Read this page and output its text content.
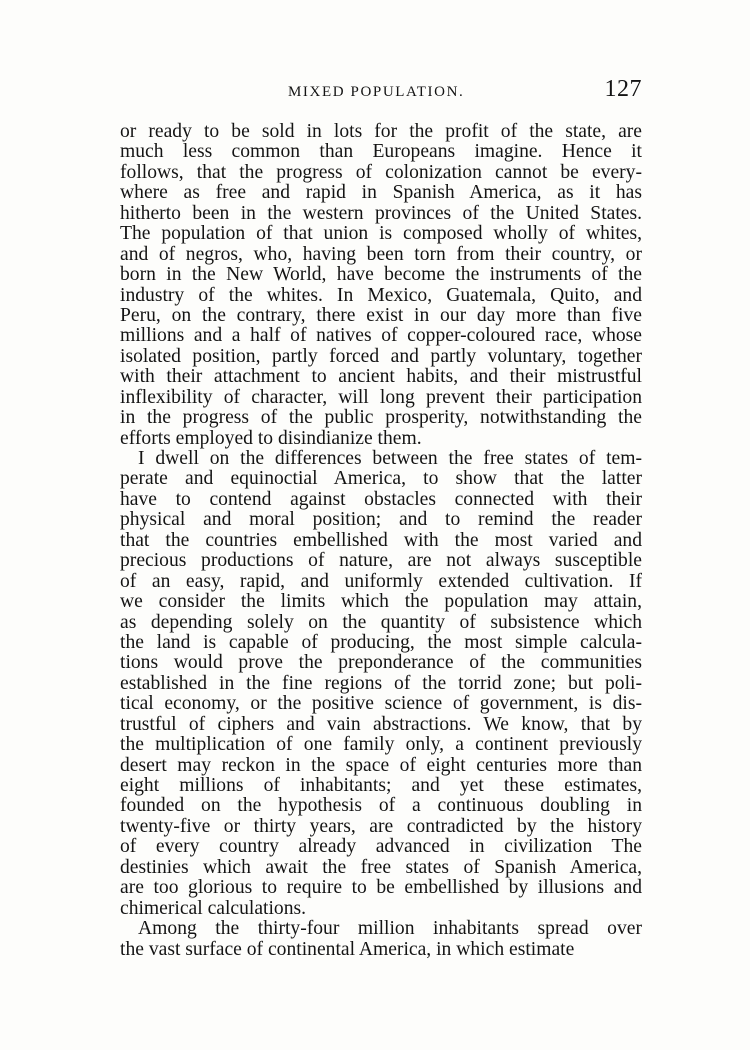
MIXED POPULATION.	127
or ready to be sold in lots for the profit of the state, are
much less common than Europeans imagine. Hence it
follows, that the progress of colonization cannot be every-
where as free and rapid in Spanish America, as it has
hitherto been in the western provinces of the United States.
The population of that union is composed wholly of whites,
and of negros, who, having been torn from their country, or
born in the New World, have become the instruments of the
industry of the whites. In Mexico, Guatemala, Quito, and
Peru, on the contrary, there exist in our day more than five
millions and a half of natives of copper-coloured race, whose
isolated position, partly forced and partly voluntary, together
with their attachment to ancient habits, and their mistrustful
inflexibility of character, will long prevent their participation
in the progress of the public prosperity, notwithstanding the
efforts employed to disindianize them.
I dwell on the differences between the free states of tem-
perate and equinoctial America, to show that the latter
have to contend against obstacles connected with their
physical and moral position; and to remind the reader
that the countries embellished with the most varied and
precious productions of nature, are not always susceptible
of an easy, rapid, and uniformly extended cultivation. If
we consider the limits which the population may attain,
as depending solely on the quantity of subsistence which
the land is capable of producing, the most simple calcula-
tions would prove the preponderance of the communities
established in the fine regions of the torrid zone; but poli-
tical economy, or the positive science of government, is dis-
trustful of ciphers and vain abstractions. We know, that by
the multiplication of one family only, a continent previously
desert may reckon in the space of eight centuries more than
eight millions of inhabitants; and yet these estimates,
founded on the hypothesis of a continuous doubling in
twenty-five or thirty years, are contradicted by the history
of every country already advanced in civilization The
destinies which await the free states of Spanish America,
are too glorious to require to be embellished by illusions and
chimerical calculations.
Among the thirty-four million inhabitants spread over
the vast surface of continental America, in which estimate
